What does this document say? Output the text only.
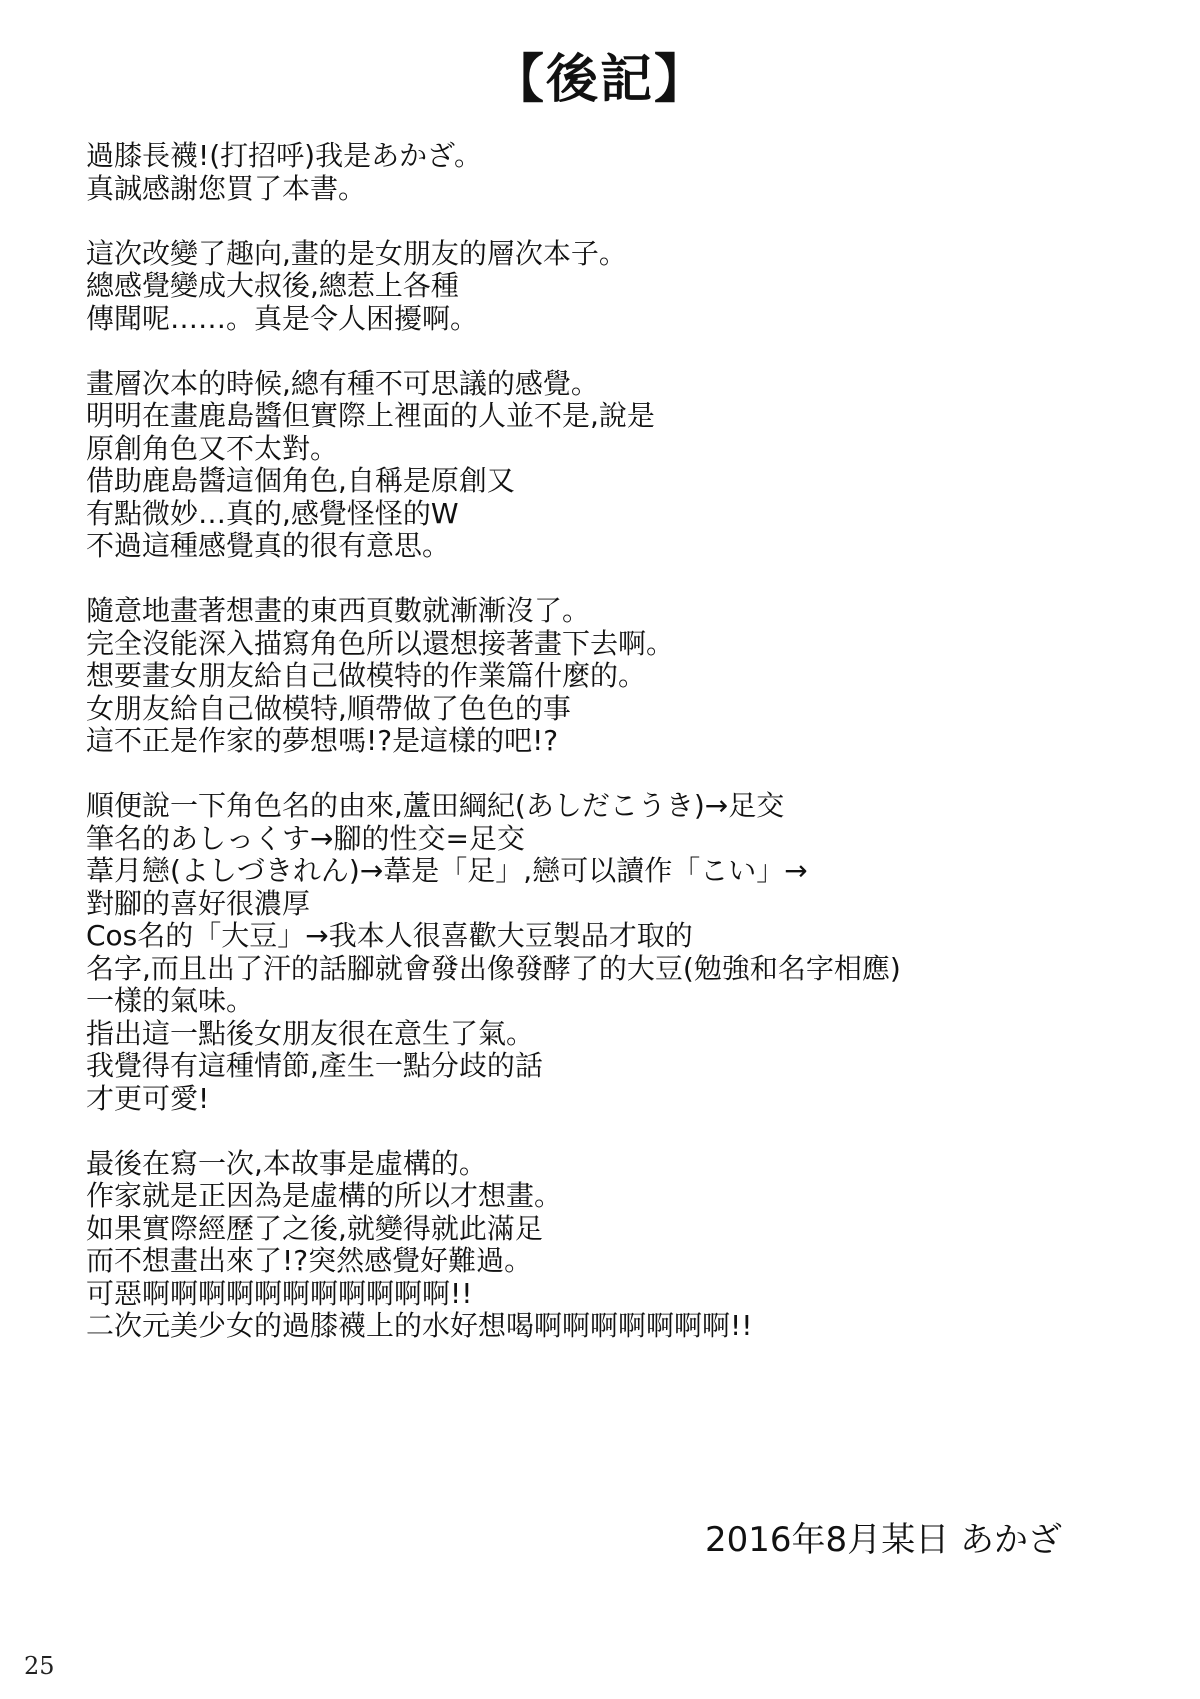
【後記】
過膝長襪!(打招呼)我是あかざ。
真誠感謝您買了本書。
這次改變了趣向,畫的是女朋友的層次本子。
總感覺變成大叔後,總惹上各種
傳聞呢……。真是令人困擾啊。
畫層次本的時候,總有種不可思議的感覺。
明明在畫鹿島醬但實際上裡面的人並不是,說是
原創角色又不太對。
借助鹿島醬這個角色,自稱是原創又
有點微妙…真的,感覺怪怪的W
不過這種感覺真的很有意思。
隨意地畫著想畫的東西頁數就漸漸沒了。
完全沒能深入描寫角色所以還想接著畫下去啊。
想要畫女朋友給自己做模特的作業篇什麼的。
女朋友給自己做模特,順帶做了色色的事
這不正是作家的夢想嗎!?是這樣的吧!?
順便說一下角色名的由來,蘆田綱紀(あしだこうき)→足交
筆名的あしっくす→腳的性交=足交
葦月戀(よしづきれん)→葦是「足」,戀可以讀作「こい」→
對腳的喜好很濃厚
Cos名的「大豆」→我本人很喜歡大豆製品才取的
名字,而且出了汗的話腳就會發出像發酵了的大豆(勉強和名字相應)
一樣的氣味。
指出這一點後女朋友很在意生了氣。
我覺得有這種情節,產生一點分歧的話
才更可愛!
最後在寫一次,本故事是虛構的。
作家就是正因為是虛構的所以才想畫。
如果實際經歷了之後,就變得就此滿足
而不想畫出來了!?突然感覺好難過。
可惡啊啊啊啊啊啊啊啊啊啊啊!!
二次元美少女的過膝襪上的水好想喝啊啊啊啊啊啊啊!!
2016年8月某日 あかざ
25
